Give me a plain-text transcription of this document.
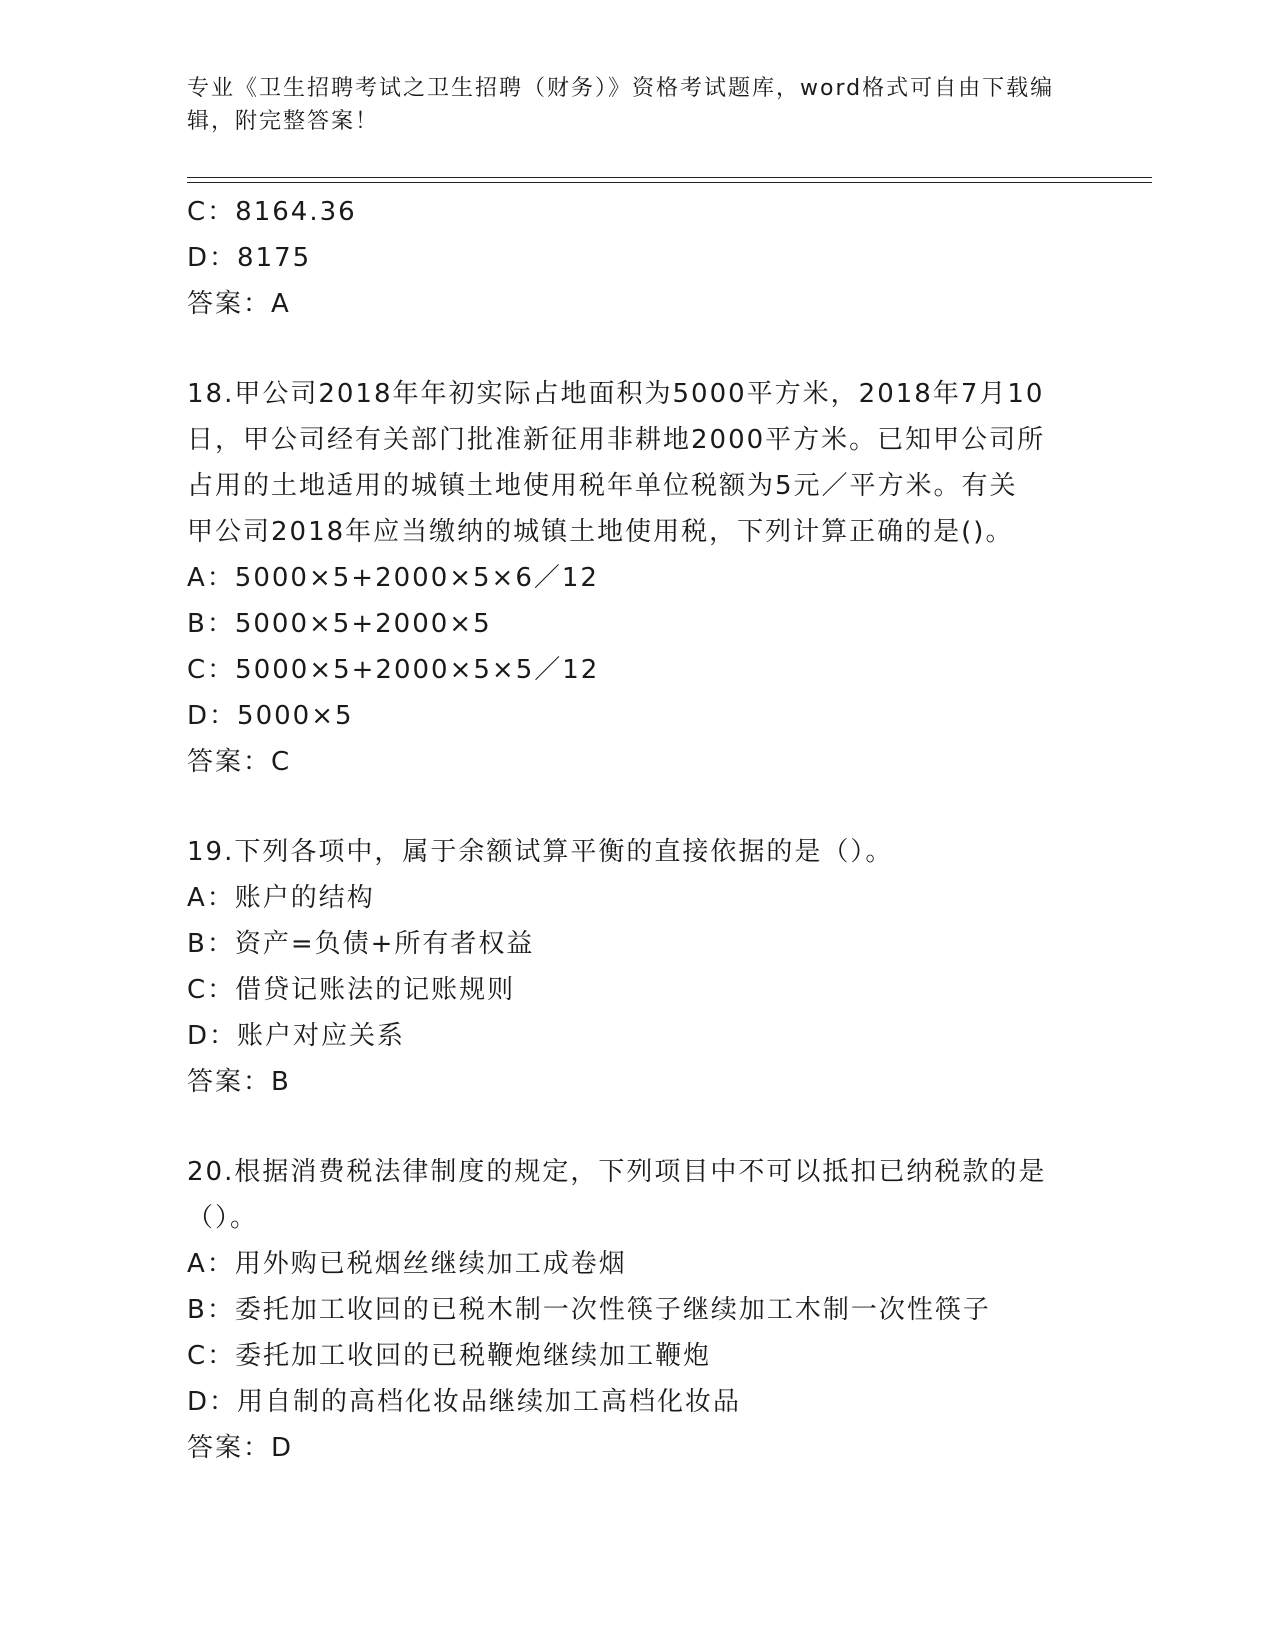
专业《卫生招聘考试之卫生招聘（财务）》资格考试题库，word格式可自由下载编辑，附完整答案！
C：8164.36
D：8175
答案：A
18.甲公司2018年年初实际占地面积为5000平方米，2018年7月10
日，甲公司经有关部门批准新征用非耕地2000平方米。已知甲公司所
占用的土地适用的城镇土地使用税年单位税额为5元／平方米。有关
甲公司2018年应当缴纳的城镇土地使用税，下列计算正确的是()。
A：5000×5+2000×5×6／12
B：5000×5+2000×5
C：5000×5+2000×5×5／12
D：5000×5
答案：C
19.下列各项中，属于余额试算平衡的直接依据的是（）。
A：账户的结构
B：资产=负债+所有者权益
C：借贷记账法的记账规则
D：账户对应关系
答案：B
20.根据消费税法律制度的规定，下列项目中不可以抵扣已纳税款的是
（）。
A：用外购已税烟丝继续加工成卷烟
B：委托加工收回的已税木制一次性筷子继续加工木制一次性筷子
C：委托加工收回的已税鞭炮继续加工鞭炮
D：用自制的高档化妆品继续加工高档化妆品
答案：D
